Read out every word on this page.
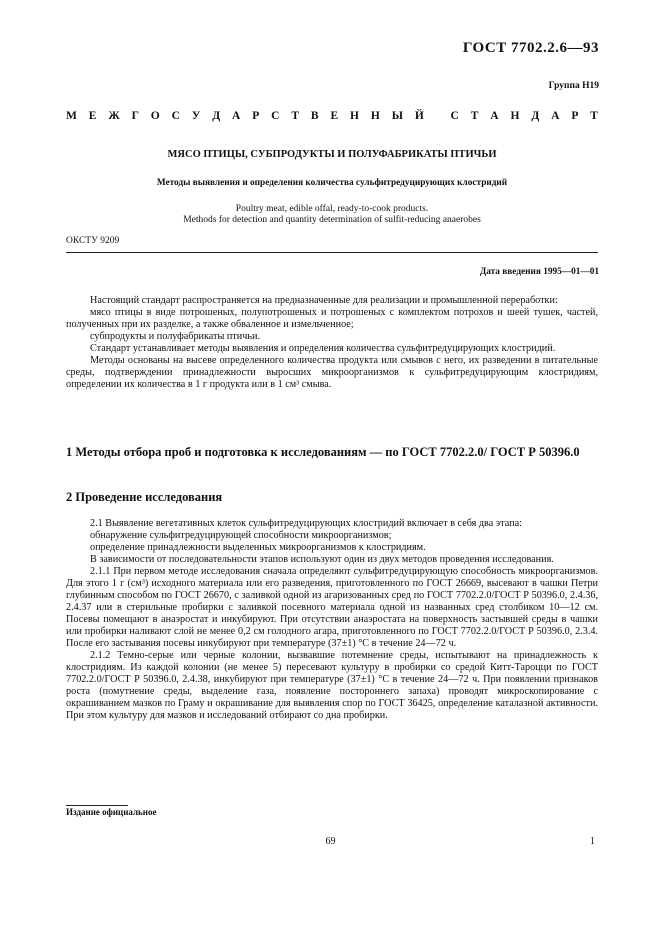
ГОСТ 7702.2.6—93
Группа Н19
М Е Ж Г О С У Д А Р С Т В Е Н Н Ы Й
С Т А Н Д А Р Т
МЯСО ПТИЦЫ, СУБПРОДУКТЫ И ПОЛУФАБРИКАТЫ ПТИЧЬИ
Методы выявления и определения количества сульфитредуцирующих клостридий
Poultry meat, edible offal, ready-to-cook products.
Methods for detection and quantity determination of sulfit-reducing anaerobes
ОКСТУ 9209
Дата введения 1995—01—01

Настоящий стандарт распространяется на предназначенные для реализации и промышленной переработки:

мясо птицы в виде потрошеных, полупотрошеных и потрошеных с комплектом потрохов и шеей тушек, частей, полученных при их разделке, а также обваленное и измельченное;

субпродукты и полуфабрикаты птичьи.

Стандарт устанавливает методы выявления и определения количества сульфитредуцирующих клостридий.

Методы основаны на высеве определенного количества продукта или смывов с него, их разведении в питательные среды, подтверждении принадлежности выросших микроорганизмов к сульфитредуцирующим клостридиям, определении их количества в 1 г продукта или в 1 см³ смыва.

1 Методы отбора проб и подготовка к исследованиям — по ГОСТ 7702.2.0/ ГОСТ Р 50396.0
2 Проведение исследования

2.1 Выявление вегетативных клеток сульфитредуцирующих клостридий включает в себя два этапа:

обнаружение сульфитредуцирующей способности микроорганизмов;

определение принадлежности выделенных микроорганизмов к клостридиям.

В зависимости от последовательности этапов используют один из двух методов проведения исследования.

2.1.1 При первом методе исследования сначала определяют сульфитредуцирующую способность микроорганизмов. Для этого 1 г (см³) исходного материала или его разведения, приготовленного по ГОСТ 26669, высевают в чашки Петри глубинным способом по ГОСТ 26670, с заливкой одной из агаризованных сред по ГОСТ 7702.2.0/ГОСТ Р 50396.0, 2.4.36, 2.4.37 или в стерильные пробирки с заливкой посевного материала одной из названных сред столбиком 10—12 см. Посевы помещают в анаэростат и инкубируют. При отсутствии анаэростата на поверхность застывшей среды в чашки или пробирки наливают слой не менее 0,2 см голодного агара, приготовленного по ГОСТ 7702.2.0/ГОСТ Р 50396.0, 2.3.4. После его застывания посевы инкубируют при температуре (37±1) °С в течение 24—72 ч.

2.1.2 Темно-серые или черные колонии, вызвавшие потемнение среды, испытывают на принадлежность к клостридиям. Из каждой колонии (не менее 5) пересевают культуру в пробирки со средой Китт-Тароцци по ГОСТ 7702.2.0/ГОСТ Р 50396.0, 2.4.38, инкубируют при температуре (37±1) °С в течение 24—72 ч. При появлении признаков роста (помутнение среды, выделение газа, появление постороннего запаха) проводят микроскопирование с окрашиванием мазков по Граму и окрашивание для выявления спор по ГОСТ 36425, определение каталазной активности. При этом культуру для мазков и исследований отбирают со дна пробирки.

Издание официальное
69	1
